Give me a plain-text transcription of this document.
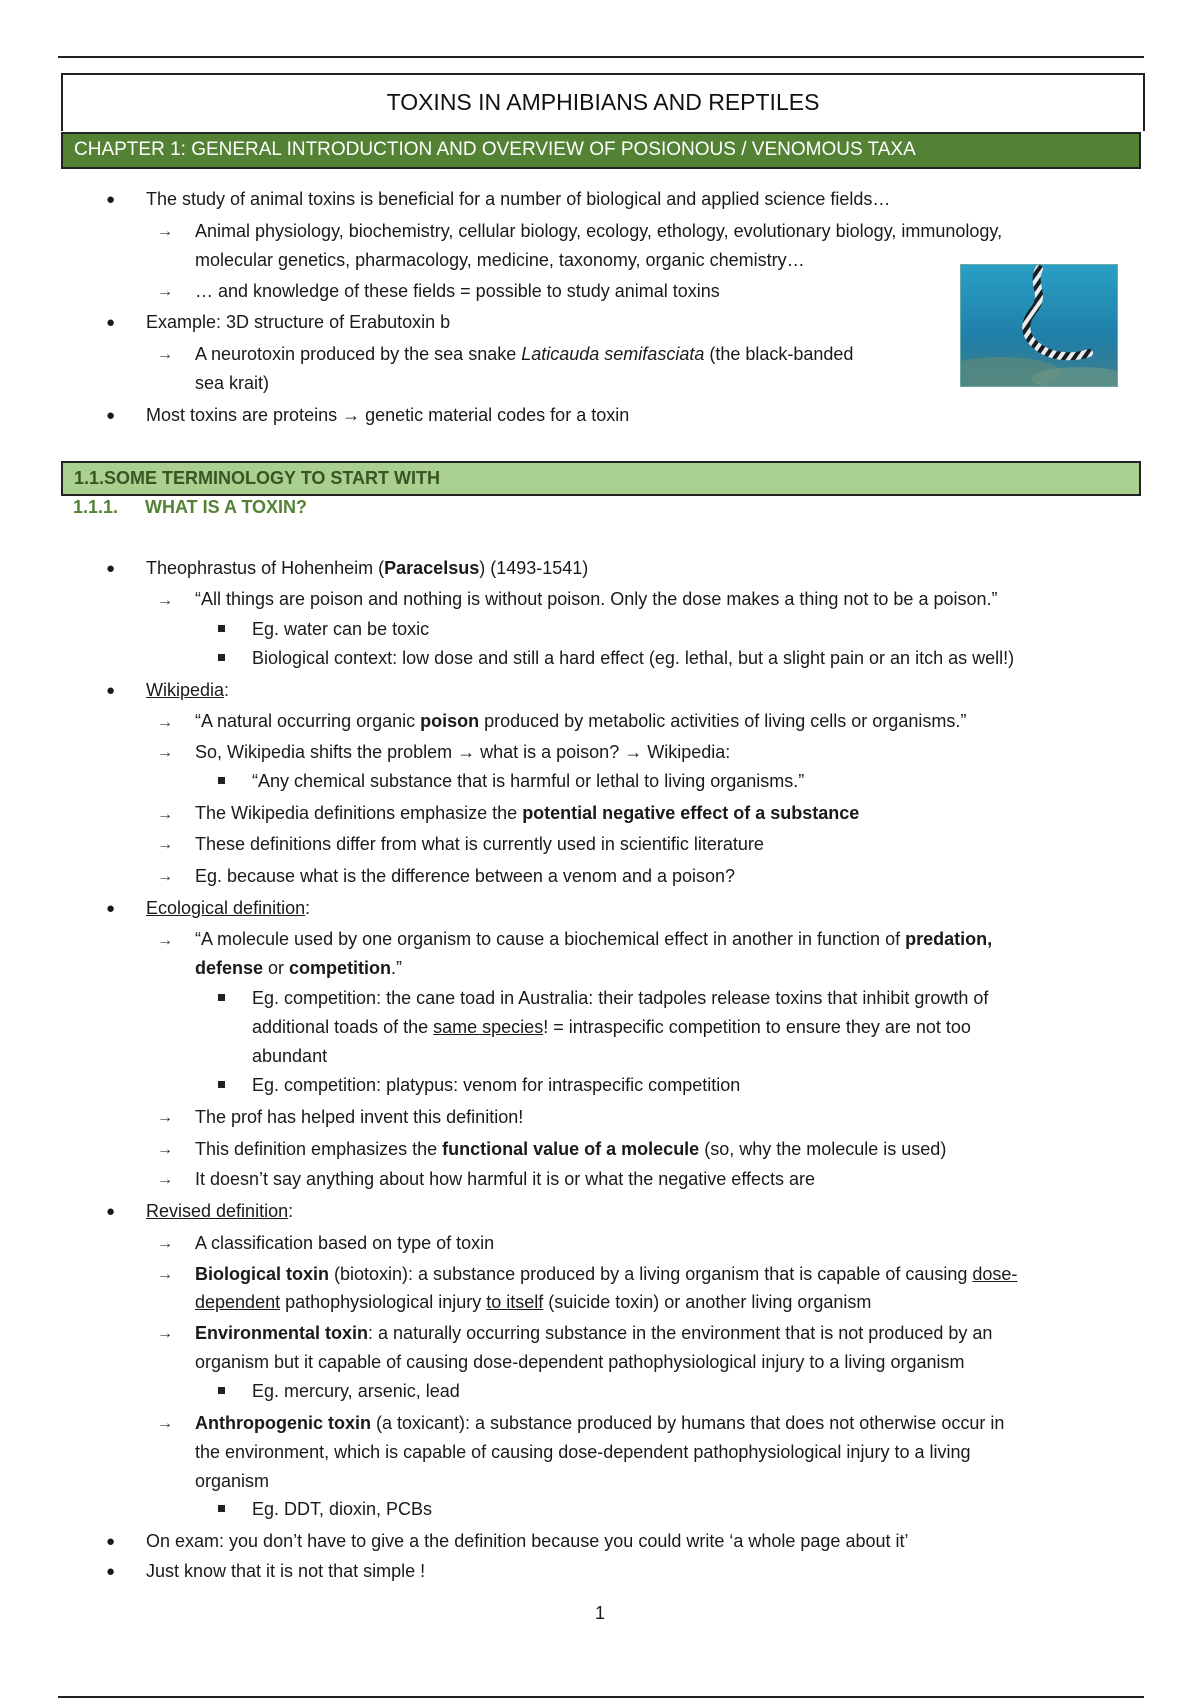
TOXINS IN AMPHIBIANS AND REPTILES
CHAPTER 1: GENERAL INTRODUCTION AND OVERVIEW OF POSIONOUS / VENOMOUS TAXA
● The study of animal toxins is beneficial for a number of biological and applied science fields…
→ Animal physiology, biochemistry, cellular biology, ecology, ethology, evolutionary biology, immunology,
molecular genetics, pharmacology, medicine, taxonomy, organic chemistry…
→ … and knowledge of these fields = possible to study animal toxins
● Example: 3D structure of Erabutoxin b
→ A neurotoxin produced by the sea snake Laticauda semifasciata (the black-banded
sea krait)
● Most toxins are proteins → genetic material codes for a toxin
1.1.SOME TERMINOLOGY TO START WITH
1.1.1.	WHAT IS A TOXIN?
● Theophrastus of Hohenheim (Paracelsus) (1493-1541)
→ “All things are poison and nothing is without poison. Only the dose makes a thing not to be a poison.”
Eg. water can be toxic
Biological context: low dose and still a hard effect (eg. lethal, but a slight pain or an itch as well!)
● Wikipedia:
→ “A natural occurring organic poison produced by metabolic activities of living cells or organisms.”
→ So, Wikipedia shifts the problem → what is a poison? → Wikipedia:
“Any chemical substance that is harmful or lethal to living organisms.”
→ The Wikipedia definitions emphasize the potential negative effect of a substance
→ These definitions differ from what is currently used in scientific literature
→ Eg. because what is the difference between a venom and a poison?
● Ecological definition:
→ “A molecule used by one organism to cause a biochemical effect in another in function of predation,
defense or competition.”
Eg. competition: the cane toad in Australia: their tadpoles release toxins that inhibit growth of
additional toads of the same species! = intraspecific competition to ensure they are not too
abundant
Eg. competition: platypus: venom for intraspecific competition
→ The prof has helped invent this definition!
→ This definition emphasizes the functional value of a molecule (so, why the molecule is used)
→ It doesn’t say anything about how harmful it is or what the negative effects are
● Revised definition:
→ A classification based on type of toxin
→ Biological toxin (biotoxin): a substance produced by a living organism that is capable of causing dose-
dependent pathophysiological injury to itself (suicide toxin) or another living organism
→ Environmental toxin: a naturally occurring substance in the environment that is not produced by an
organism but it capable of causing dose-dependent pathophysiological injury to a living organism
Eg. mercury, arsenic, lead
→ Anthropogenic toxin (a toxicant): a substance produced by humans that does not otherwise occur in
the environment, which is capable of causing dose-dependent pathophysiological injury to a living
organism
Eg. DDT, dioxin, PCBs
● On exam: you don’t have to give a the definition because you could write ‘a whole page about it’
● Just know that it is not that simple !
1
